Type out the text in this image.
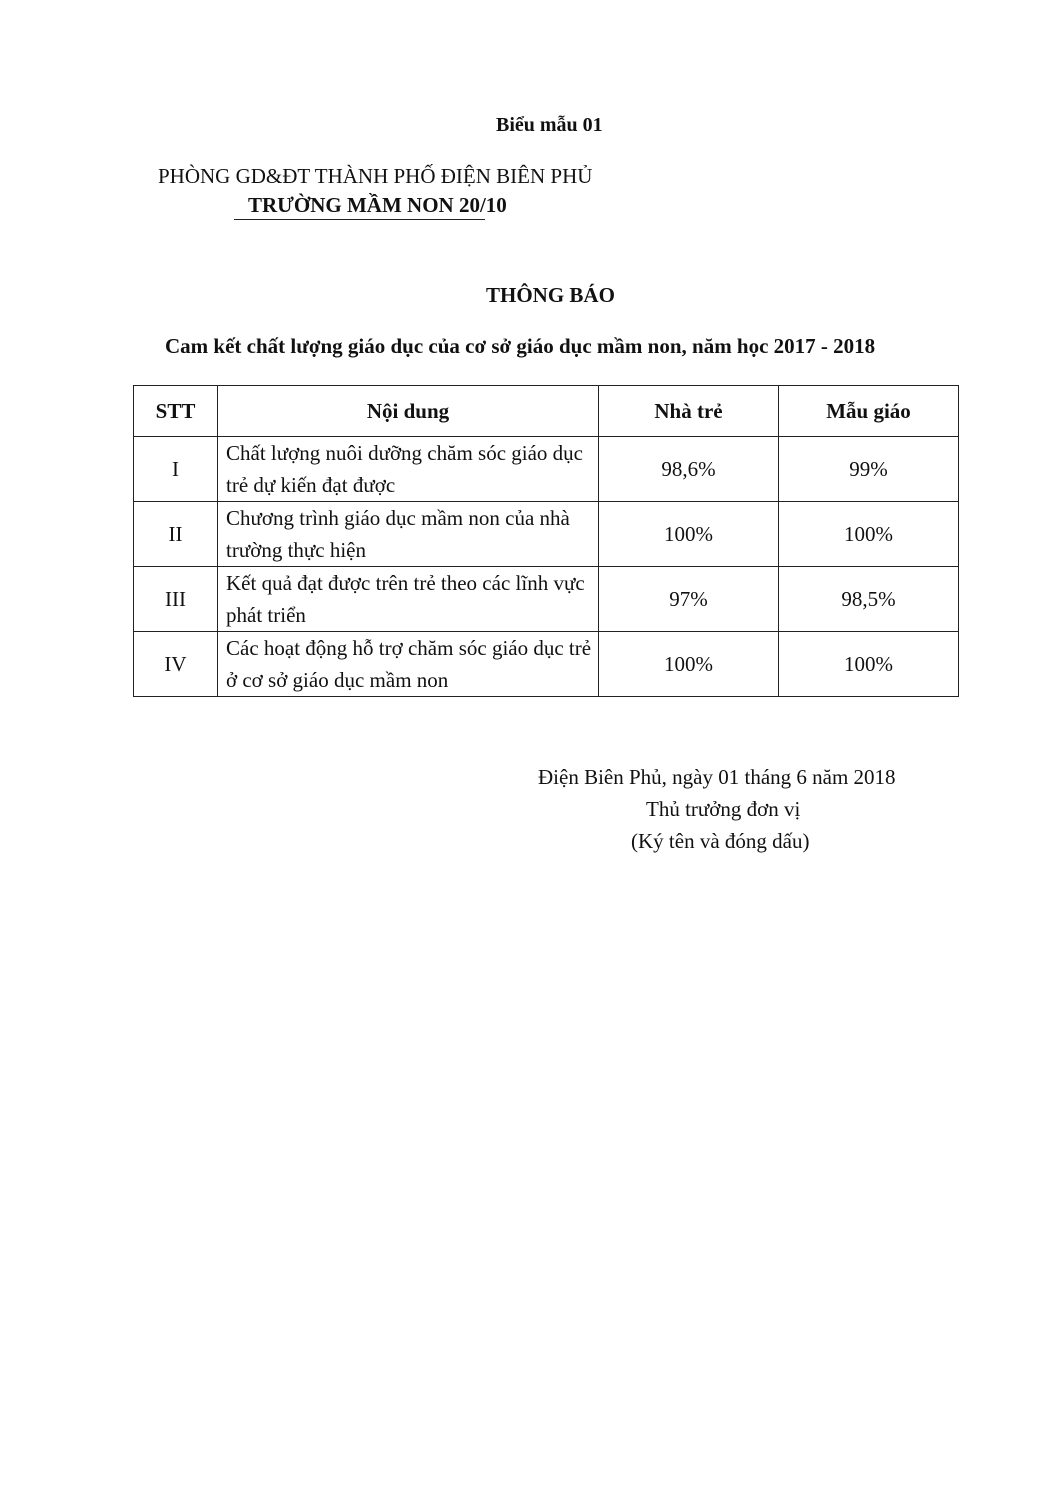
Biểu mẫu 01
PHÒNG GD&ĐT THÀNH PHỐ ĐIỆN BIÊN PHỦ
TRƯỜNG MẦM NON 20/10
THÔNG BÁO
Cam kết chất lượng giáo dục của cơ sở giáo dục mầm non, năm học 2017 - 2018
STT	Nội dung	Nhà trẻ	Mẫu giáo
I	Chất lượng nuôi dưỡng chăm sóc giáo dục trẻ dự kiến đạt được	98,6%	99%
II	Chương trình giáo dục mầm non của nhà trường thực hiện	100%	100%
III	Kết quả đạt được trên trẻ theo các lĩnh vực phát triển	97%	98,5%
IV	Các hoạt động hỗ trợ chăm sóc giáo dục trẻ ở cơ sở giáo dục mầm non	100%	100%
Điện Biên Phủ, ngày 01 tháng 6 năm 2018
Thủ trưởng đơn vị
(Ký tên và đóng dấu)
